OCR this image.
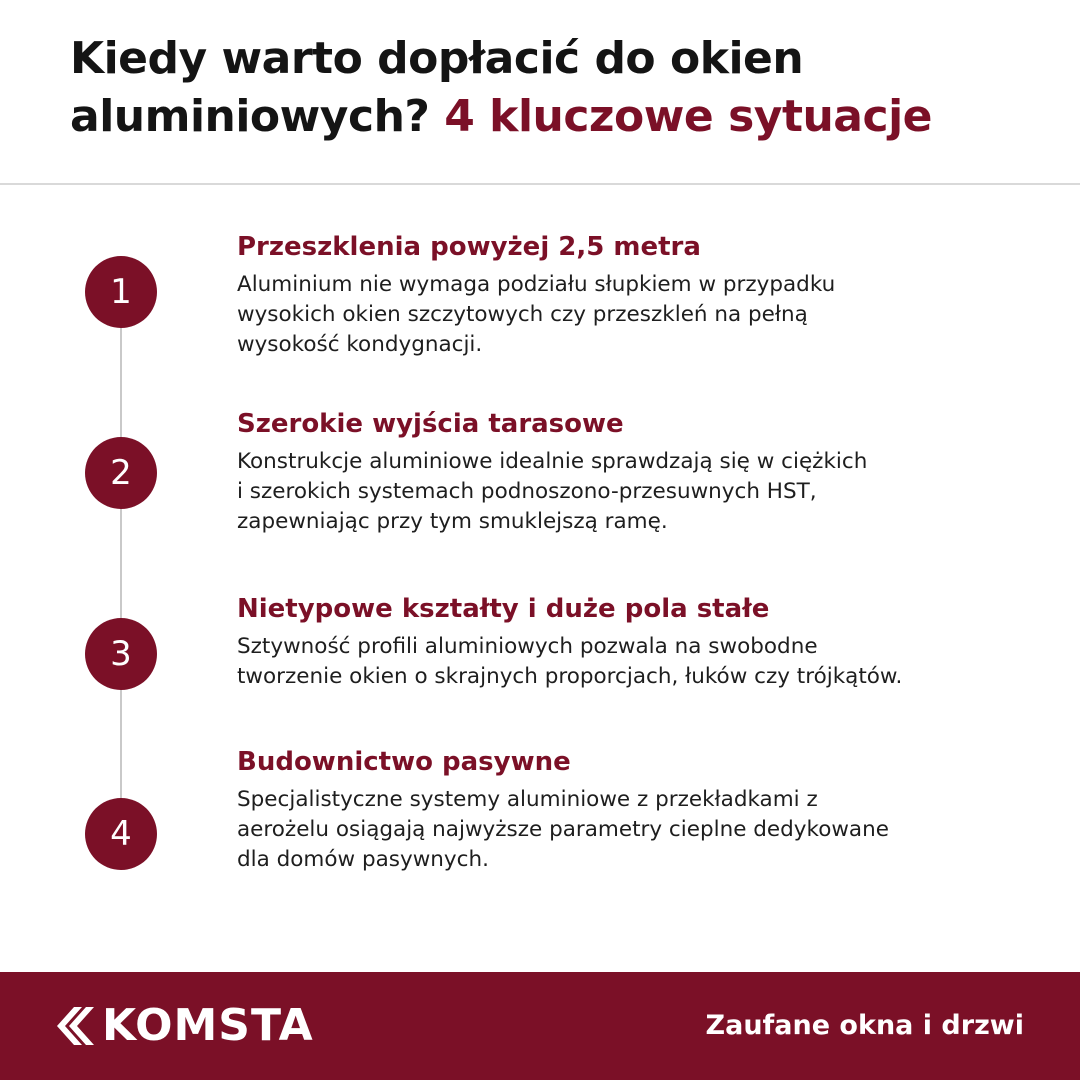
Kiedy warto dopłacić do okien
aluminiowych? 4 kluczowe sytuacje
1

Przeszklenia powyżej 2,5 metra

Aluminium nie wymaga podziału słupkiem w przypadku
wysokich okien szczytowych czy przeszkleń na pełną
wysokość kondygnacji.

2

Szerokie wyjścia tarasowe

Konstrukcje aluminiowe idealnie sprawdzają się w ciężkich
i szerokich systemach podnoszono-przesuwnych HST,
zapewniając przy tym smuklejszą ramę.

3

Nietypowe kształty i duże pola stałe

Sztywność profili aluminiowych pozwala na swobodne
tworzenie okien o skrajnych proporcjach, łuków czy trójkątów.

4

Budownictwo pasywne

Specjalistyczne systemy aluminiowe z przekładkami z
aerożelu osiągają najwyższe parametry cieplne dedykowane
dla domów pasywnych.

KOMSTA	Zaufane okna i drzwi
